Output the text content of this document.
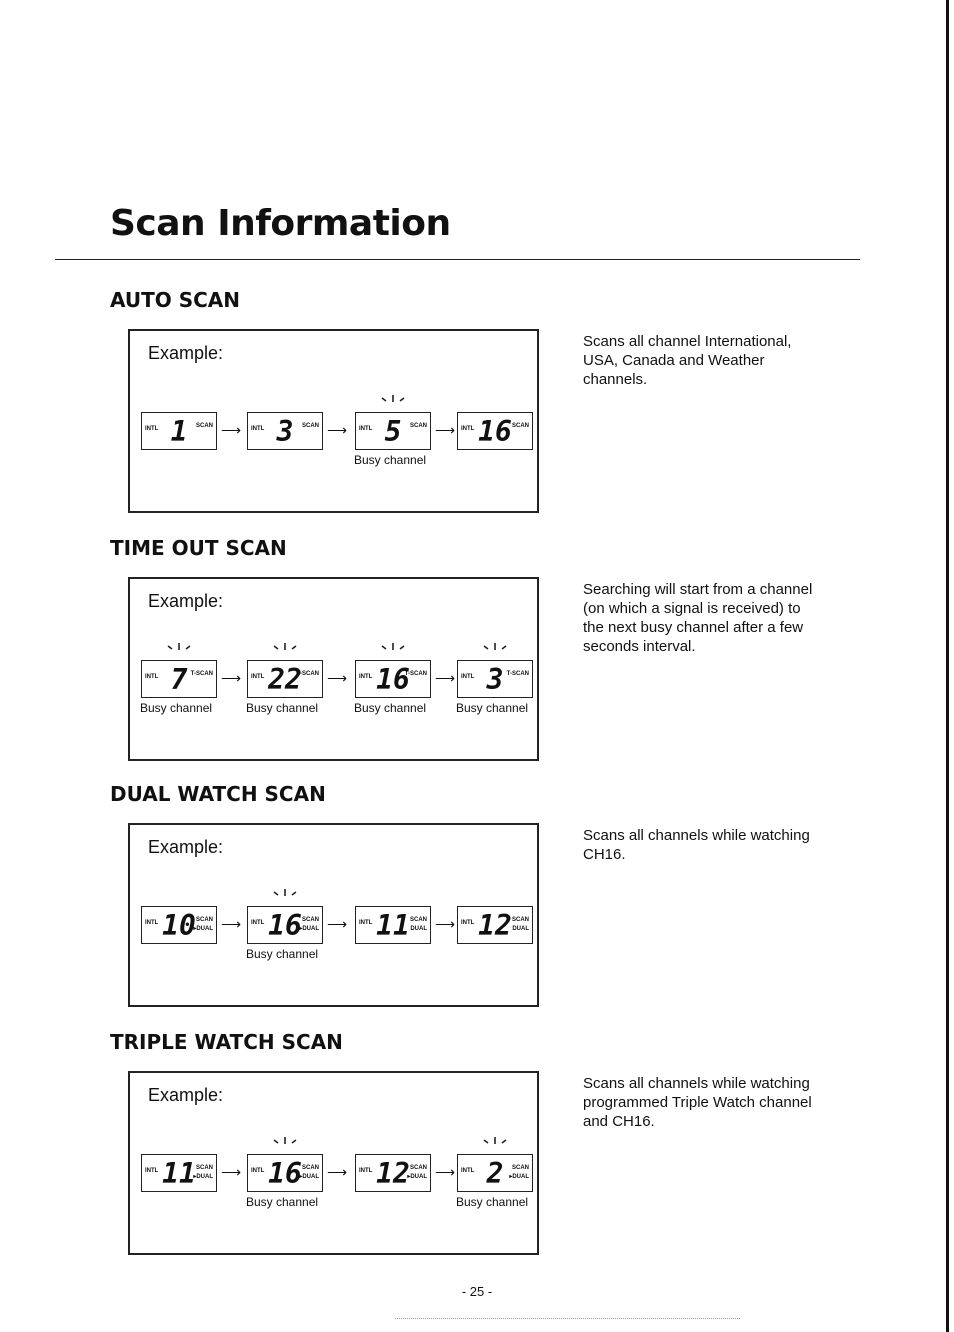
Scan Information
AUTO SCAN
Example:
INTL 1	SCAN ⟶ INTL 3	SCAN ⟶ INTL 5	SCAN
Busy channel
⟶ INTL 16 SCAN
Scans all channel International, USA, Canada and Weather channels.
TIME OUT SCAN
Example:
INTL 7 T-SCAN
Busy channel
⟶ INTL 22
T-SCAN
Busy channel
⟶ INTL 16
T-SCAN
Busy channel
⟶ INTL 3 T-SCAN
Busy channel
Searching will start from a channel (on which a signal is received) to the next busy channel after a few seconds interval.
DUAL WATCH SCAN
Example:
INTL 10 SCAN
▸DUAL ⟶ INTL 16 SCAN
▸DUAL
Busy channel
⟶ INTL 11 SCAN
DUAL ⟶ INTL 12 SCAN
DUAL
Scans all channels while watching CH16.
TRIPLE WATCH SCAN
Example:
INTL 11 SCAN
▸DUAL ⟶ INTL 16 SCAN
▸DUAL
Busy channel
⟶ INTL 12 SCAN
▸DUAL ⟶ INTL 2	SCAN
▸DUAL
Busy channel
Scans all channels while watching programmed Triple Watch channel and CH16.
- 25 -
